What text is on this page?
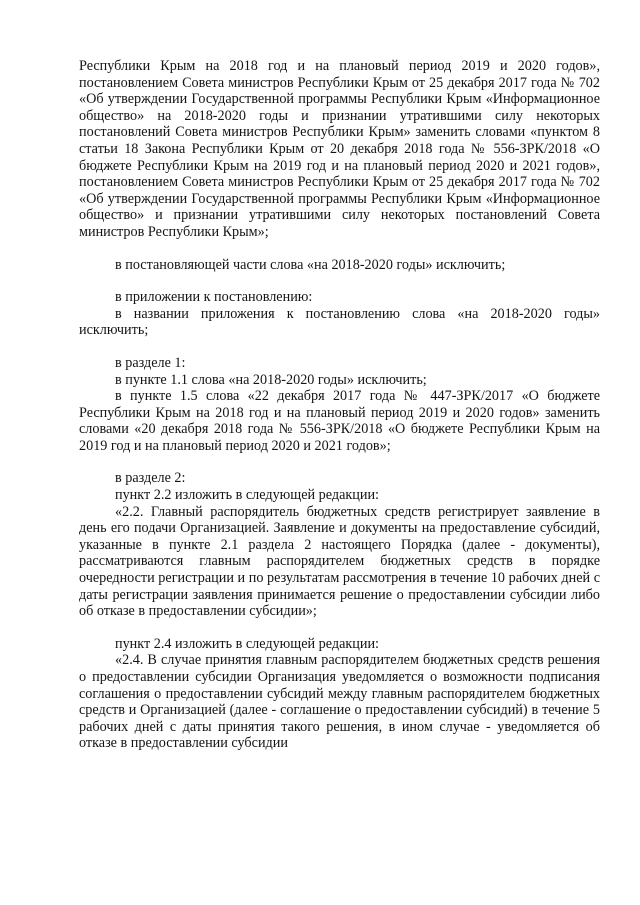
Республики Крым на 2018 год и на плановый период 2019 и 2020 годов», постановлением Совета министров Республики Крым от 25 декабря 2017 года № 702 «Об утверждении Государственной программы Республики Крым «Информационное общество» на 2018-2020 годы и признании утратившими силу некоторых постановлений Совета министров Республики Крым» заменить словами «пунктом 8 статьи 18 Закона Республики Крым от 20 декабря 2018 года № 556-ЗРК/2018 «О бюджете Республики Крым на 2019 год и на плановый период 2020 и 2021 годов», постановлением Совета министров Республики Крым от 25 декабря 2017 года № 702 «Об утверждении Государственной программы Республики Крым «Информационное общество» и признании утратившими силу некоторых постановлений Совета министров Республики Крым»;

в постановляющей части слова «на 2018-2020 годы» исключить;

в приложении к постановлению:

в названии приложения к постановлению слова «на 2018-2020 годы» исключить;

в разделе 1:

в пункте 1.1 слова «на 2018-2020 годы» исключить;

в пункте 1.5 слова «22 декабря 2017 года № 447-ЗРК/2017 «О бюджете Республики Крым на 2018 год и на плановый период 2019 и 2020 годов» заменить словами «20 декабря 2018 года № 556-ЗРК/2018 «О бюджете Республики Крым на 2019 год и на плановый период 2020 и 2021 годов»;

в разделе 2:

пункт 2.2 изложить в следующей редакции:

«2.2. Главный распорядитель бюджетных средств регистрирует заявление в день его подачи Организацией. Заявление и документы на предоставление субсидий, указанные в пункте 2.1 раздела 2 настоящего Порядка (далее - документы), рассматриваются главным распорядителем бюджетных средств в порядке очередности регистрации и по результатам рассмотрения в течение 10 рабочих дней с даты регистрации заявления принимается решение о предоставлении субсидии либо об отказе в предоставлении субсидии»;

пункт 2.4 изложить в следующей редакции:

«2.4. В случае принятия главным распорядителем бюджетных средств решения о предоставлении субсидии Организация уведомляется о возможности подписания соглашения о предоставлении субсидий между главным распорядителем бюджетных средств и Организацией (далее - соглашение о предоставлении субсидий) в течение 5 рабочих дней с даты принятия такого решения, в ином случае - уведомляется об отказе в предоставлении субсидии
